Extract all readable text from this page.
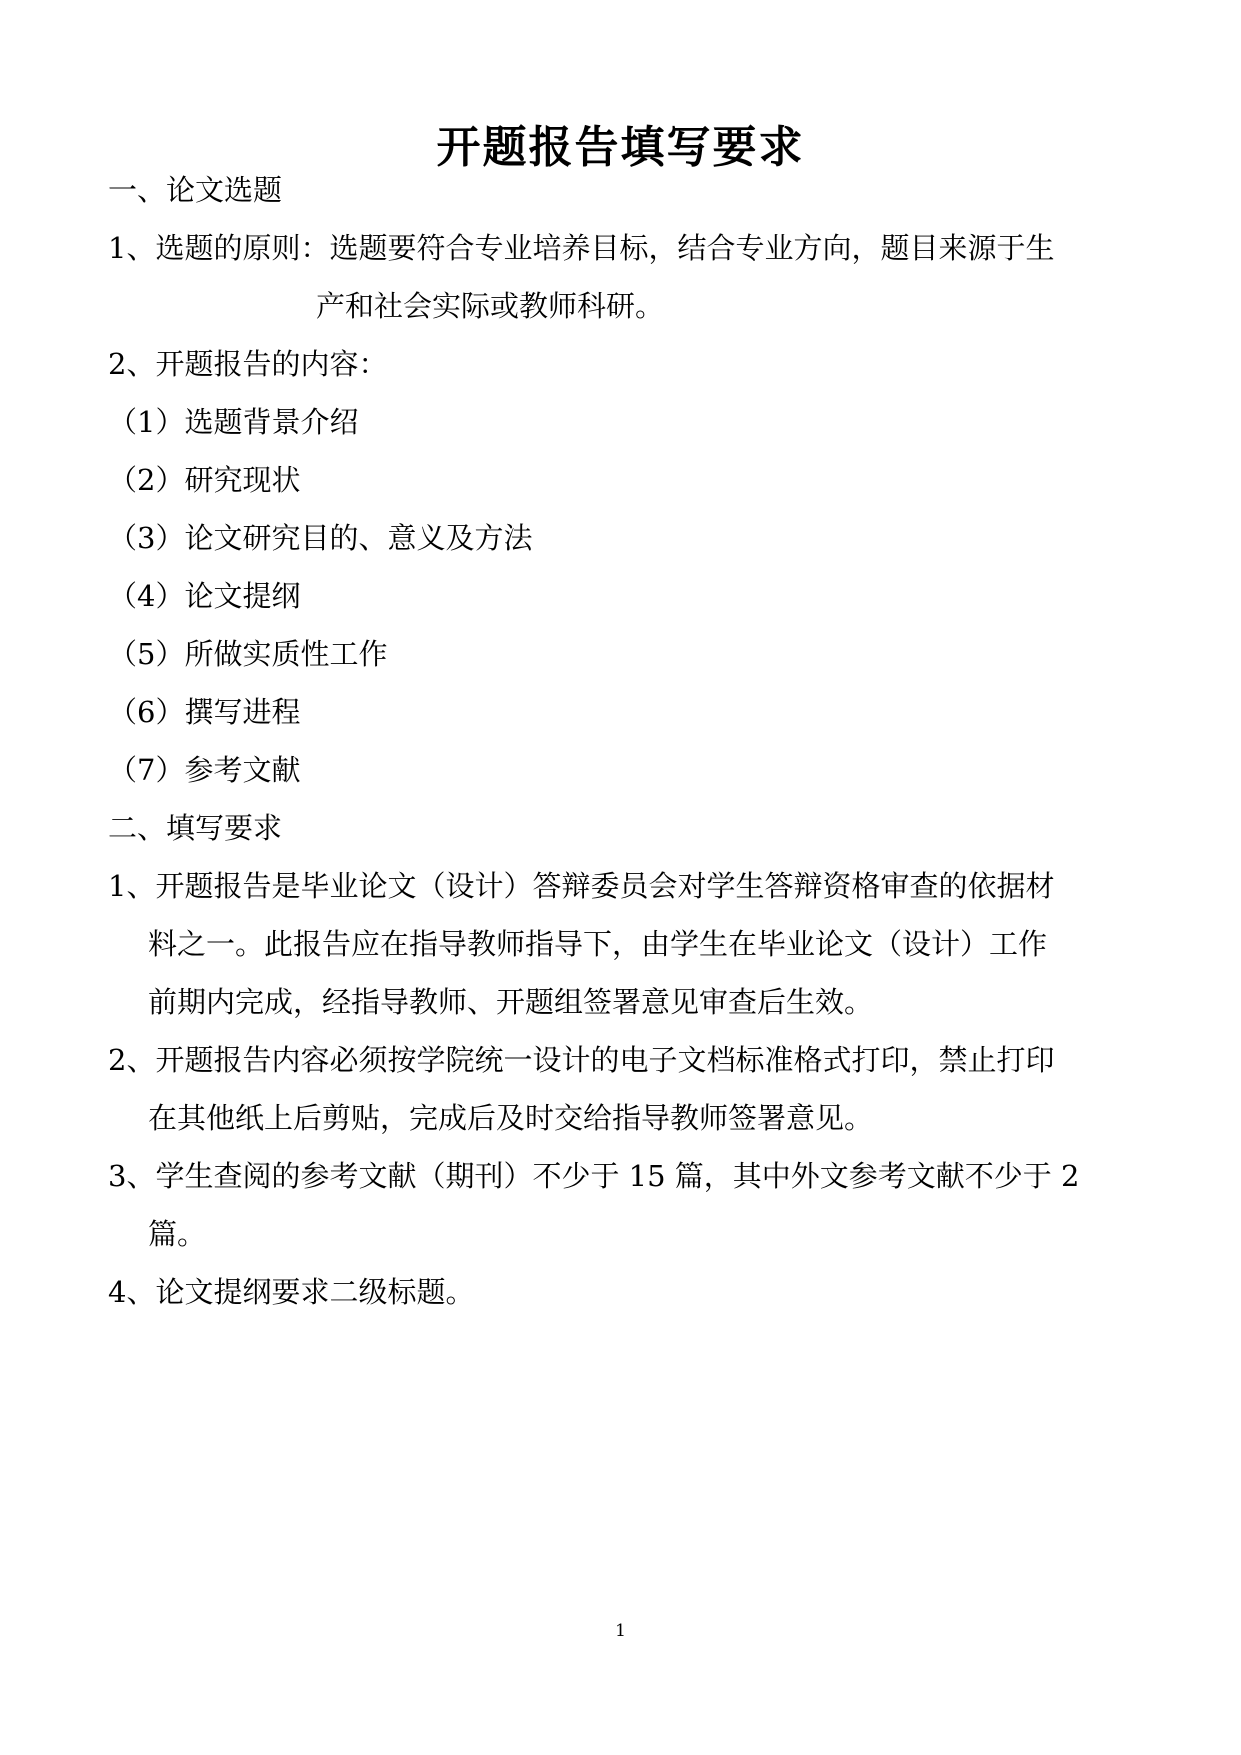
开题报告填写要求
一、论文选题
1、选题的原则：选题要符合专业培养目标，结合专业方向，题目来源于生
产和社会实际或教师科研。
2、开题报告的内容：
（1）选题背景介绍
（2）研究现状
（3）论文研究目的、意义及方法
（4）论文提纲
（5）所做实质性工作
（6）撰写进程
（7）参考文献
二、填写要求
1、开题报告是毕业论文（设计）答辩委员会对学生答辩资格审查的依据材
料之一。此报告应在指导教师指导下，由学生在毕业论文（设计）工作
前期内完成，经指导教师、开题组签署意见审查后生效。
2、开题报告内容必须按学院统一设计的电子文档标准格式打印，禁止打印
在其他纸上后剪贴，完成后及时交给指导教师签署意见。
3、学生查阅的参考文献（期刊）不少于 15 篇，其中外文参考文献不少于 2
篇。
4、论文提纲要求二级标题。
1
